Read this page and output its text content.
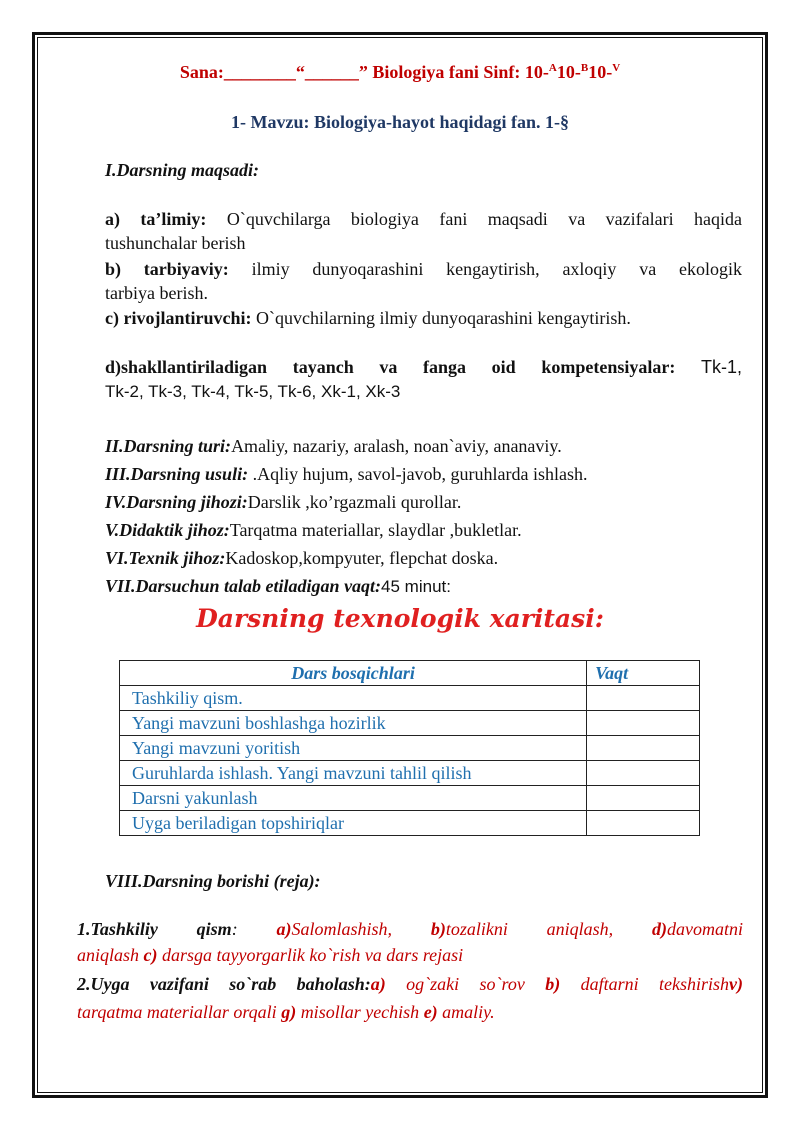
Sana:________“______” Biologiya fani Sinf: 10-$^A$10-$^B$10-$^V$
1- Mavzu: Biologiya-hayot haqidagi fan. 1-§
I.Darsning maqsadi:
a) ta’limiy: O`quvchilarga biologiya fani maqsadi va vazifalari haqida
tushunchalar berish
b) tarbiyaviy: ilmiy dunyoqarashini kengaytirish, axloqiy va ekologik
tarbiya berish.
c) rivojlantiruvchi: O`quvchilarning ilmiy dunyoqarashini kengaytirish.
d)shakllantiriladigan tayanch va fanga oid kompetensiyalar: Tk-1,
Tk-2, Tk-3, Tk-4, Tk-5, Tk-6, Xk-1, Xk-3
II.Darsning turi:Amaliy, nazariy, aralash, noan`aviy, ananaviy.
III.Darsning usuli: .Aqliy hujum, savol-javob, guruhlarda ishlash.
IV.Darsning jihozi:Darslik ,ko’rgazmali qurollar.
V.Didaktik jihoz:Tarqatma materiallar, slaydlar ,bukletlar.
VI.Texnik jihoz:Kadoskop,kompyuter, flepchat doska.
VII.Darsuchun talab etiladigan vaqt:45 minut:
Darsning texnologik xaritasi:
Dars bosqichlari	Vaqt
Tashkiliy qism.	
Yangi mavzuni boshlashga hozirlik	
Yangi mavzuni yoritish	
Guruhlarda ishlash. Yangi mavzuni tahlil qilish	
Darsni yakunlash	
Uyga beriladigan topshiriqlar	
VIII.Darsning borishi (reja):
1.Tashkiliy qism: a)Salomlashish, b)tozalikni aniqlash, d)davomatni
aniqlash c) darsga tayyorgarlik ko`rish va dars rejasi
2.Uyga vazifani so`rab baholash:a) og`zaki so`rov b) daftarni tekshirishv)
tarqatma materiallar orqali g) misollar yechish e) amaliy.
